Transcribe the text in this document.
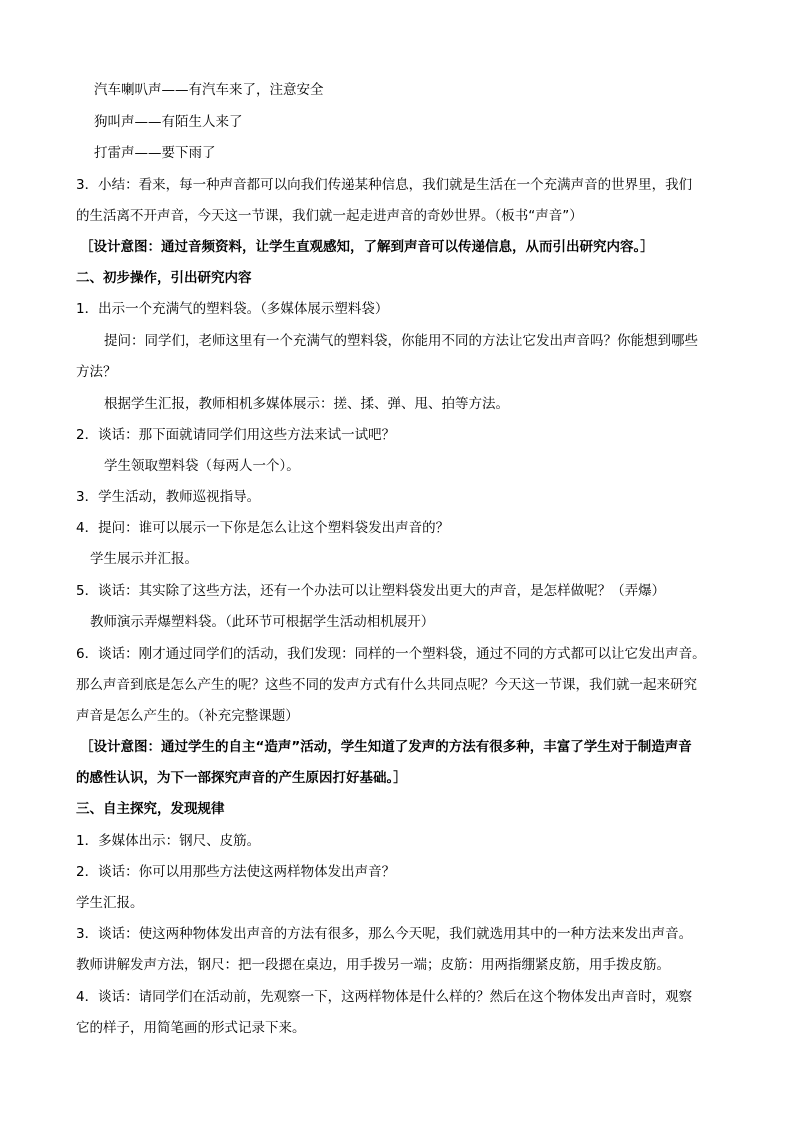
汽车喇叭声——有汽车来了，注意安全
狗叫声——有陌生人来了
打雷声——要下雨了
3．小结：看来，每一种声音都可以向我们传递某种信息，我们就是生活在一个充满声音的世界里，我们
的生活离不开声音，今天这一节课，我们就一起走进声音的奇妙世界。（板书“声音”）
［设计意图：通过音频资料，让学生直观感知，了解到声音可以传递信息，从而引出研究内容。］
二、初步操作，引出研究内容
1．出示一个充满气的塑料袋。（多媒体展示塑料袋）
提问：同学们，老师这里有一个充满气的塑料袋，你能用不同的方法让它发出声音吗？你能想到哪些
方法？
根据学生汇报，教师相机多媒体展示：搓、揉、弹、甩、拍等方法。
2．谈话：那下面就请同学们用这些方法来试一试吧？
学生领取塑料袋（每两人一个）。
3．学生活动，教师巡视指导。
4．提问：谁可以展示一下你是怎么让这个塑料袋发出声音的？
学生展示并汇报。
5．谈话：其实除了这些方法，还有一个办法可以让塑料袋发出更大的声音，是怎样做呢？（弄爆）
教师演示弄爆塑料袋。（此环节可根据学生活动相机展开）
6．谈话：刚才通过同学们的活动，我们发现：同样的一个塑料袋，通过不同的方式都可以让它发出声音。
那么声音到底是怎么产生的呢？这些不同的发声方式有什么共同点呢？今天这一节课，我们就一起来研究
声音是怎么产生的。（补充完整课题）
［设计意图：通过学生的自主“造声”活动，学生知道了发声的方法有很多种，丰富了学生对于制造声音
的感性认识，为下一部探究声音的产生原因打好基础。］
三、自主探究，发现规律
1．多媒体出示：钢尺、皮筋。
2．谈话：你可以用那些方法使这两样物体发出声音？
学生汇报。
3．谈话：使这两种物体发出声音的方法有很多，那么今天呢，我们就选用其中的一种方法来发出声音。
教师讲解发声方法，钢尺：把一段摁在桌边，用手拨另一端；皮筋：用两指绷紧皮筋，用手拨皮筋。
4．谈话：请同学们在活动前，先观察一下，这两样物体是什么样的？然后在这个物体发出声音时，观察
它的样子，用简笔画的形式记录下来。
